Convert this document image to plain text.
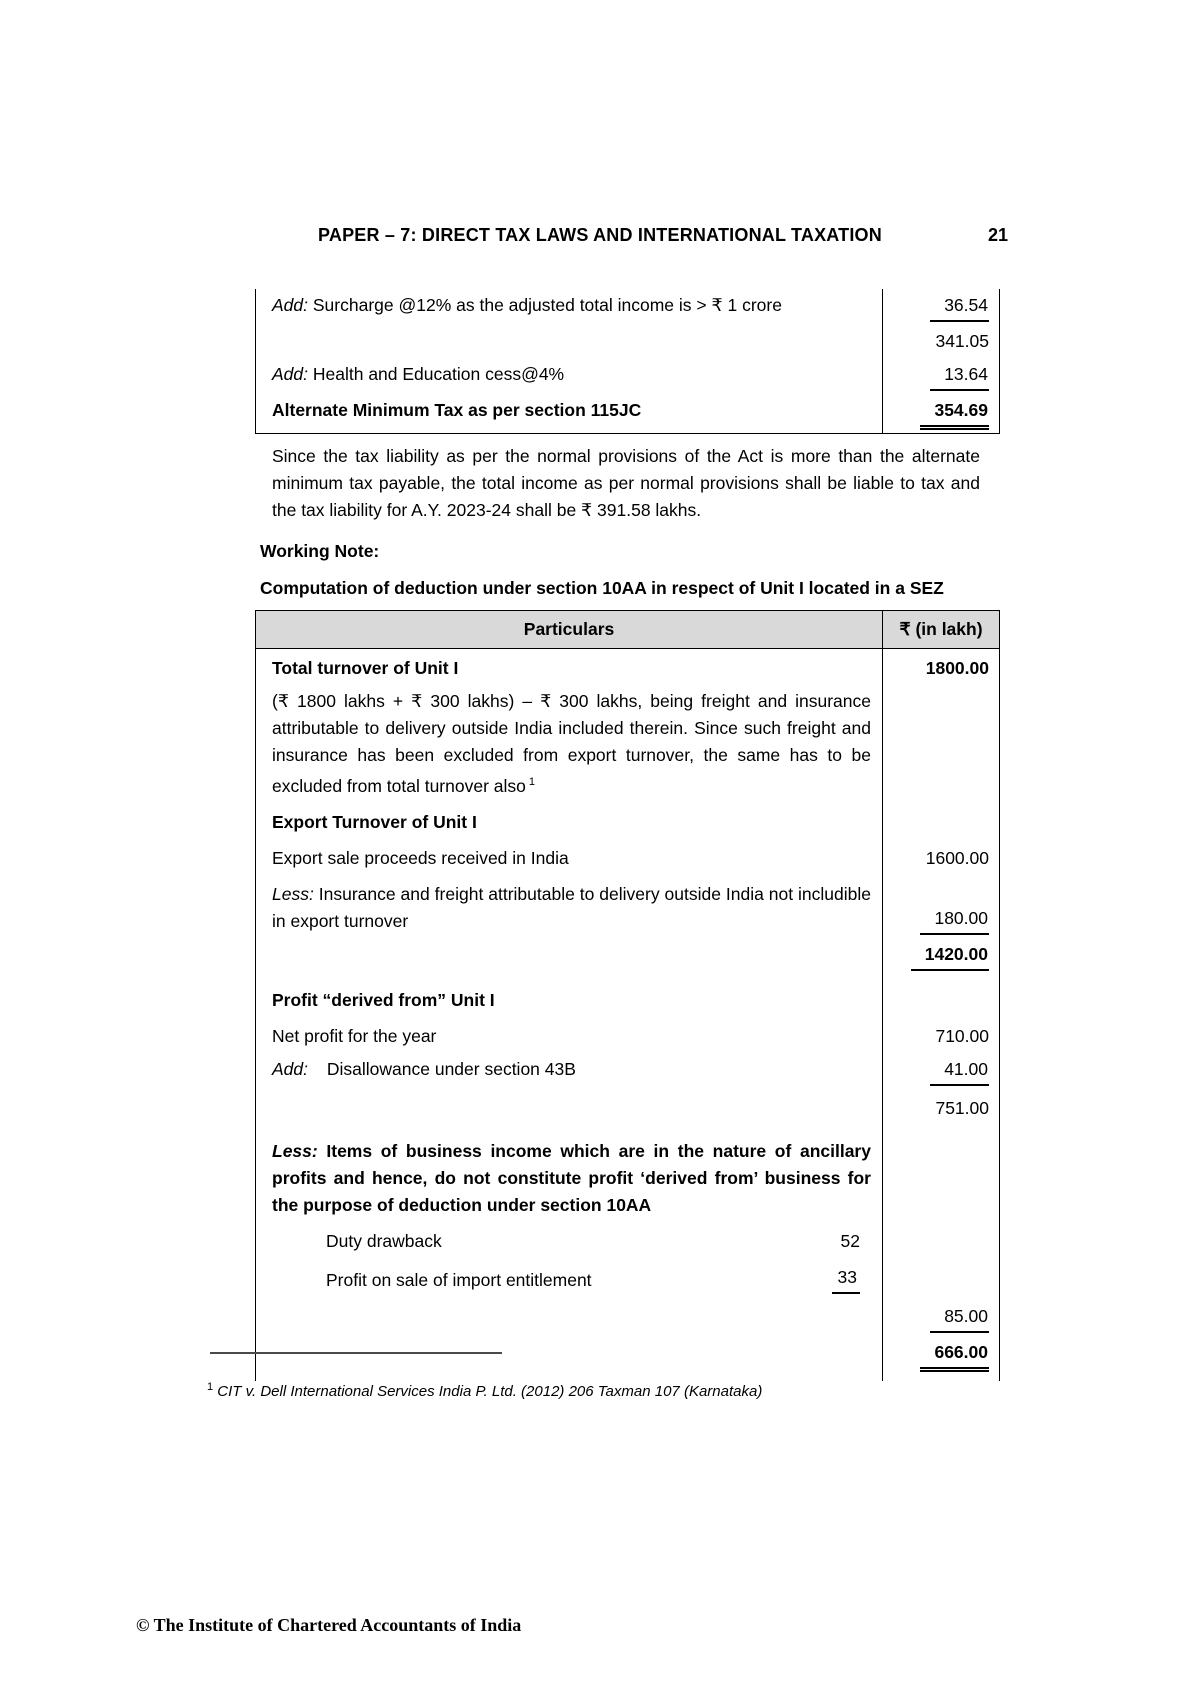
PAPER – 7: DIRECT TAX LAWS AND INTERNATIONAL TAXATION	21
Add: Surcharge @12% as the adjusted total income is > ₹ 1 crore	36.54
	341.05
Add: Health and Education cess@4%	13.64
Alternate Minimum Tax as per section 115JC	354.69

Since the tax liability as per the normal provisions of the Act is more than the alternate minimum tax payable, the total income as per normal provisions shall be liable to tax and the tax liability for A.Y. 2023-24 shall be ₹ 391.58 lakhs.

Working Note:
Computation of deduction under section 10AA in respect of Unit I located in a SEZ
Particulars	₹ (in lakh)
Total turnover of Unit I	1800.00
(₹ 1800 lakhs + ₹ 300 lakhs) – ₹ 300 lakhs, being freight and insurance attributable to delivery outside India included therein. Since such freight and insurance has been excluded from export turnover, the same has to be excluded from total turnover also $^1$	
Export Turnover of Unit I	
Export sale proceeds received in India	1600.00
Less: Insurance and freight attributable to delivery outside India not includible in export turnover	180.00
	1420.00
Profit “derived from” Unit I	
Net profit for the year	710.00
Add: Disallowance under section 43B	41.00
	751.00
Less: Items of business income which are in the nature of ancillary profits and hence, do not constitute profit ‘derived from’ business for the purpose of deduction under section 10AA	

Duty drawback 52	

Profit on sale of import entitlement 33	

	85.00
	666.00
$^1$ CIT v. Dell International Services India P. Ltd. (2012) 206 Taxman 107 (Karnataka)
© The Institute of Chartered Accountants of India
